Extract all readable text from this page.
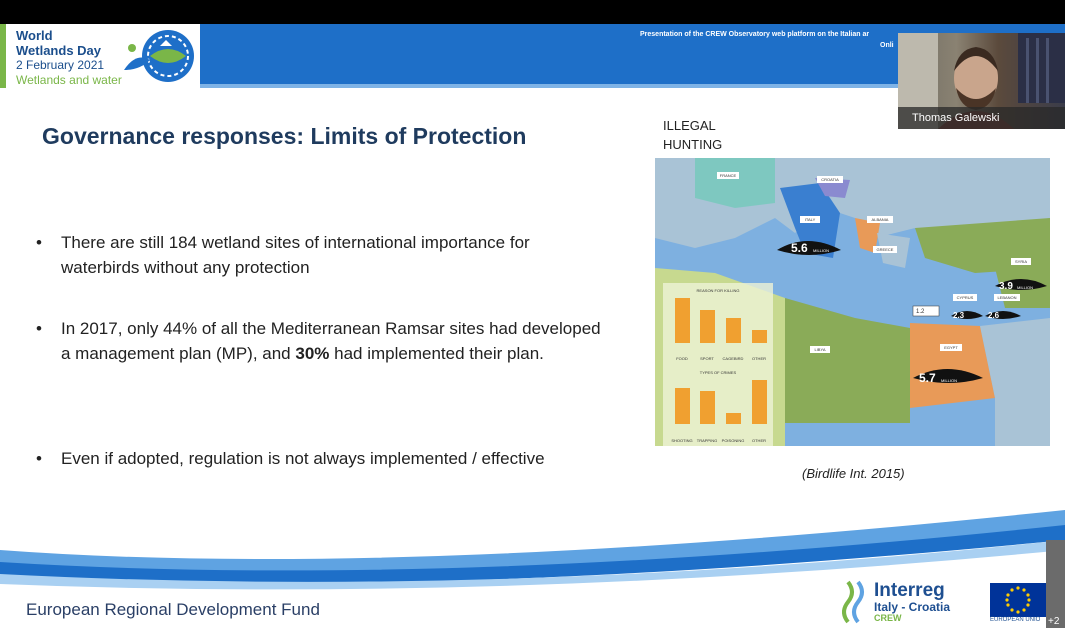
World
Wetlands Day
2 February 2021
Wetlands and water
Presentation of the CREW Observatory web platform on the Italian ar
Onli
Thomas Galewski
Governance responses: Limits of Protection
• There are still 184 wetland sites of international importance for waterbirds without any protection
• In 2017, only 44% of all the Mediterranean Ramsar sites had developed a management plan (MP), and 30% had implemented their plan.
• Even if adopted, regulation is not always implemented / effective
ILLEGAL
HUNTING
REASON FOR KILLING
FOOD	SPORT CAGEBIRD OTHER
TYPES OF CRIMES
SHOOTING TRAPPING POISONING OTHER
FRANCE
CROATIA
ITALY	ALBANIA
GREECE
SYRIA
CYPRUS	LEBANON
EGYPT
LIBYA
5.6 MILLION
5.7 MILLION
3.9 MILLION
2.3	2.6
1.2
(Birdlife Int. 2015)
European Regional Development Fund
Interreg
Italy - Croatia
CREW	EUROPEAN UNIO +2
